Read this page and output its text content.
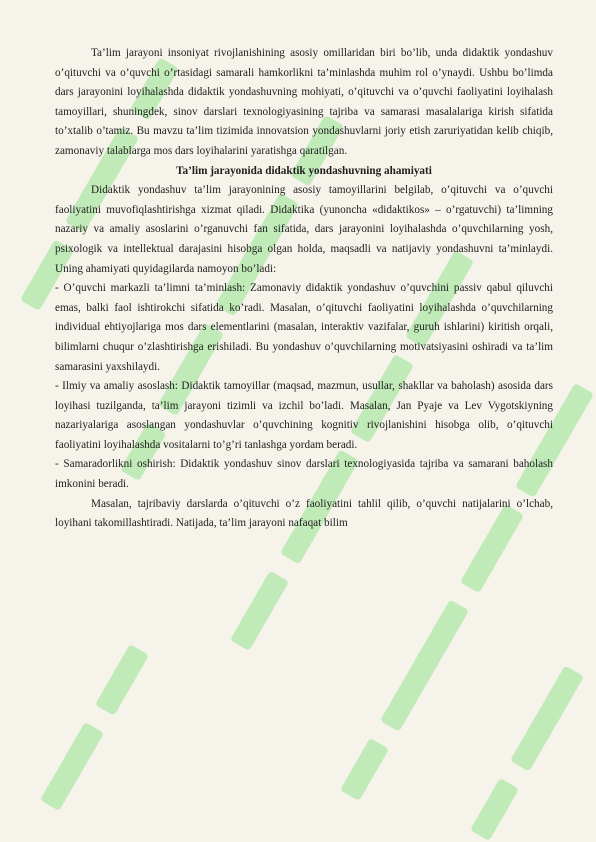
Ta’lim jarayoni insoniyat rivojlanishining asosiy omillaridan biri bo’lib, unda didaktik yondashuv o’qituvchi va o’quvchi o’rtasidagi samarali hamkorlikni ta’minlashda muhim rol o’ynaydi. Ushbu bo’limda dars jarayonini loyihalashda didaktik yondashuvning mohiyati, o’qituvchi va o’quvchi faoliyatini loyihalash tamoyillari, shuningdek, sinov darslari texnologiyasining tajriba va samarasi masalalariga kirish sifatida to’xtalib o’tamiz. Bu mavzu ta’lim tizimida innovatsion yondashuvlarni joriy etish zaruriyatidan kelib chiqib, zamonaviy talablarga mos dars loyihalarini yaratishga qaratilgan.

Ta’lim jarayonida didaktik yondashuvning ahamiyati

Didaktik yondashuv ta’lim jarayonining asosiy tamoyillarini belgilab, o’qituvchi va o’quvchi faoliyatini muvofiqlashtirishga xizmat qiladi. Didaktika (yunoncha «didaktikos» – o’rgatuvchi) ta’limning nazariy va amaliy asoslarini o’rganuvchi fan sifatida, dars jarayonini loyihalashda o’quvchilarning yosh, psixologik va intellektual darajasini hisobga olgan holda, maqsadli va natijaviy yondashuvni ta’minlaydi. Uning ahamiyati quyidagilarda namoyon bo’ladi:

- O’quvchi markazli ta’limni ta’minlash: Zamonaviy didaktik yondashuv o’quvchini passiv qabul qiluvchi emas, balki faol ishtirokchi sifatida ko’radi. Masalan, o’qituvchi faoliyatini loyihalashda o’quvchilarning individual ehtiyojlariga mos dars elementlarini (masalan, interaktiv vazifalar, guruh ishlarini) kiritish orqali, bilimlarni chuqur o’zlashtirishga erishiladi. Bu yondashuv o’quvchilarning motivatsiyasini oshiradi va ta’lim samarasini yaxshilaydi.

- Ilmiy va amaliy asoslash: Didaktik tamoyillar (maqsad, mazmun, usullar, shakllar va baholash) asosida dars loyihasi tuzilganda, ta’lim jarayoni tizimli va izchil bo’ladi. Masalan, Jan Pyaje va Lev Vygotskiyning nazariyalariga asoslangan yondashuvlar o’quvchining kognitiv rivojlanishini hisobga olib, o’qituvchi faoliyatini loyihalashda vositalarni to’g’ri tanlashga yordam beradi.

- Samaradorlikni oshirish: Didaktik yondashuv sinov darslari texnologiyasida tajriba va samarani baholash imkonini beradi.

Masalan, tajribaviy darslarda o’qituvchi o’z faoliyatini tahlil qilib, o’quvchi natijalarini o’lchab, loyihani takomillashtiradi. Natijada, ta’lim jarayoni nafaqat bilim
